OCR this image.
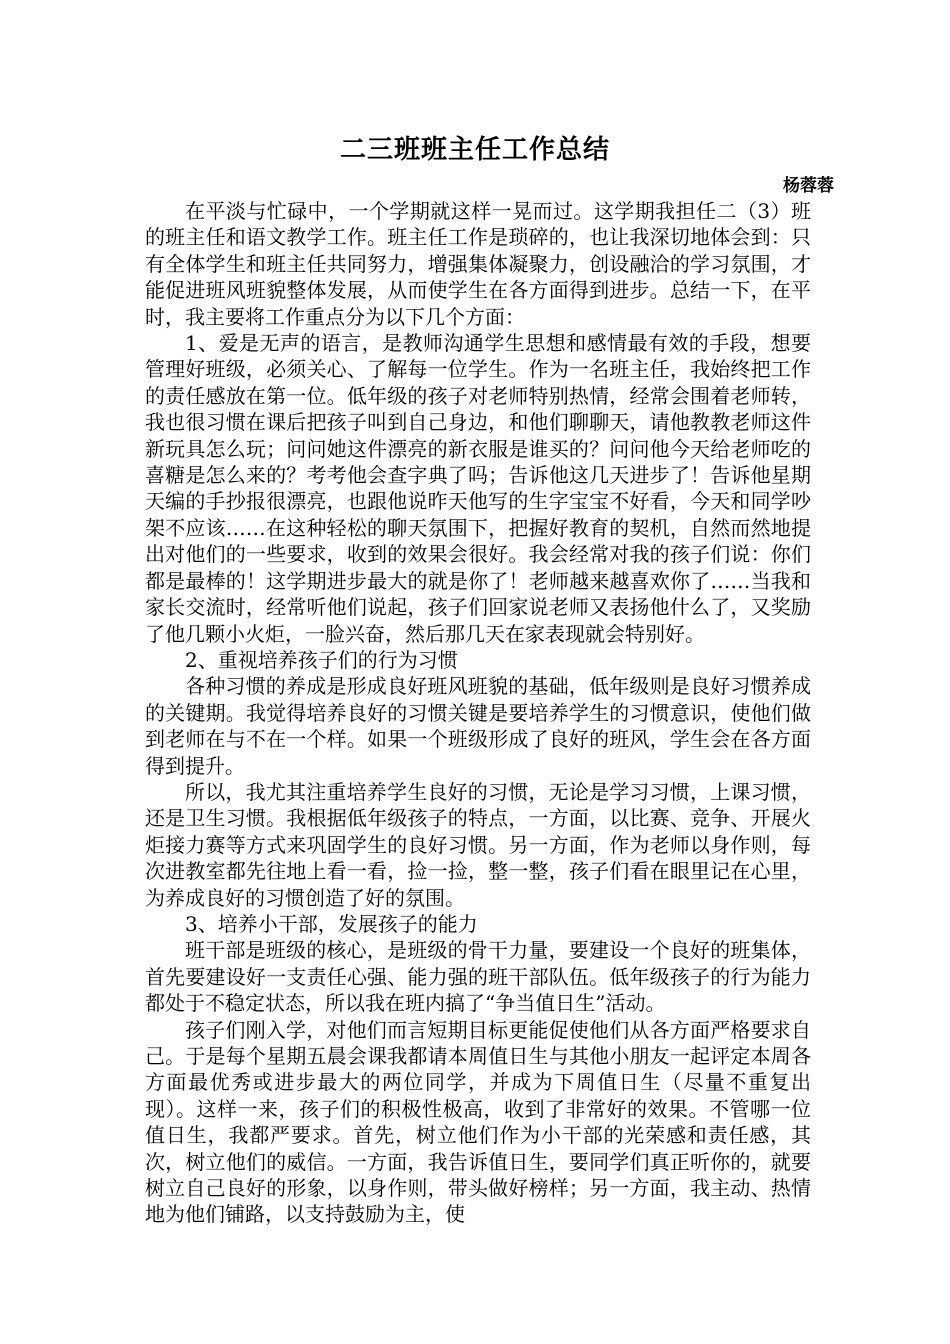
二三班班主任工作总结
杨蓉蓉

在平淡与忙碌中，一个学期就这样一晃而过。这学期我担任二（3）班的班主任和语文教学工作。班主任工作是琐碎的，也让我深切地体会到：只有全体学生和班主任共同努力，增强集体凝聚力，创设融洽的学习氛围，才能促进班风班貌整体发展，从而使学生在各方面得到进步。总结一下，在平时，我主要将工作重点分为以下几个方面：

1、爱是无声的语言，是教师沟通学生思想和感情最有效的手段，想要管理好班级，必须关心、了解每一位学生。作为一名班主任，我始终把工作的责任感放在第一位。低年级的孩子对老师特别热情，经常会围着老师转，我也很习惯在课后把孩子叫到自己身边，和他们聊聊天，请他教教老师这件新玩具怎么玩；问问她这件漂亮的新衣服是谁买的？问问他今天给老师吃的喜糖是怎么来的？考考他会查字典了吗；告诉他这几天进步了！告诉他星期天编的手抄报很漂亮，也跟他说昨天他写的生字宝宝不好看，今天和同学吵架不应该……在这种轻松的聊天氛围下，把握好教育的契机，自然而然地提出对他们的一些要求，收到的效果会很好。我会经常对我的孩子们说：你们都是最棒的！这学期进步最大的就是你了！老师越来越喜欢你了……当我和家长交流时，经常听他们说起，孩子们回家说老师又表扬他什么了，又奖励了他几颗小火炬，一脸兴奋，然后那几天在家表现就会特别好。

2、重视培养孩子们的行为习惯

各种习惯的养成是形成良好班风班貌的基础，低年级则是良好习惯养成的关键期。我觉得培养良好的习惯关键是要培养学生的习惯意识，使他们做到老师在与不在一个样。如果一个班级形成了良好的班风，学生会在各方面得到提升。

所以，我尤其注重培养学生良好的习惯，无论是学习习惯，上课习惯，还是卫生习惯。我根据低年级孩子的特点，一方面，以比赛、竞争、开展火炬接力赛等方式来巩固学生的良好习惯。另一方面，作为老师以身作则，每次进教室都先往地上看一看，捡一捡，整一整，孩子们看在眼里记在心里，为养成良好的习惯创造了好的氛围。

3、培养小干部，发展孩子的能力

班干部是班级的核心，是班级的骨干力量，要建设一个良好的班集体，首先要建设好一支责任心强、能力强的班干部队伍。低年级孩子的行为能力都处于不稳定状态，所以我在班内搞了“争当值日生”活动。

孩子们刚入学，对他们而言短期目标更能促使他们从各方面严格要求自己。于是每个星期五晨会课我都请本周值日生与其他小朋友一起评定本周各方面最优秀或进步最大的两位同学，并成为下周值日生（尽量不重复出现）。这样一来，孩子们的积极性极高，收到了非常好的效果。不管哪一位值日生，我都严要求。首先，树立他们作为小干部的光荣感和责任感，其次，树立他们的威信。一方面，我告诉值日生，要同学们真正听你的，就要树立自己良好的形象，以身作则，带头做好榜样；另一方面，我主动、热情地为他们铺路，以支持鼓励为主，使
